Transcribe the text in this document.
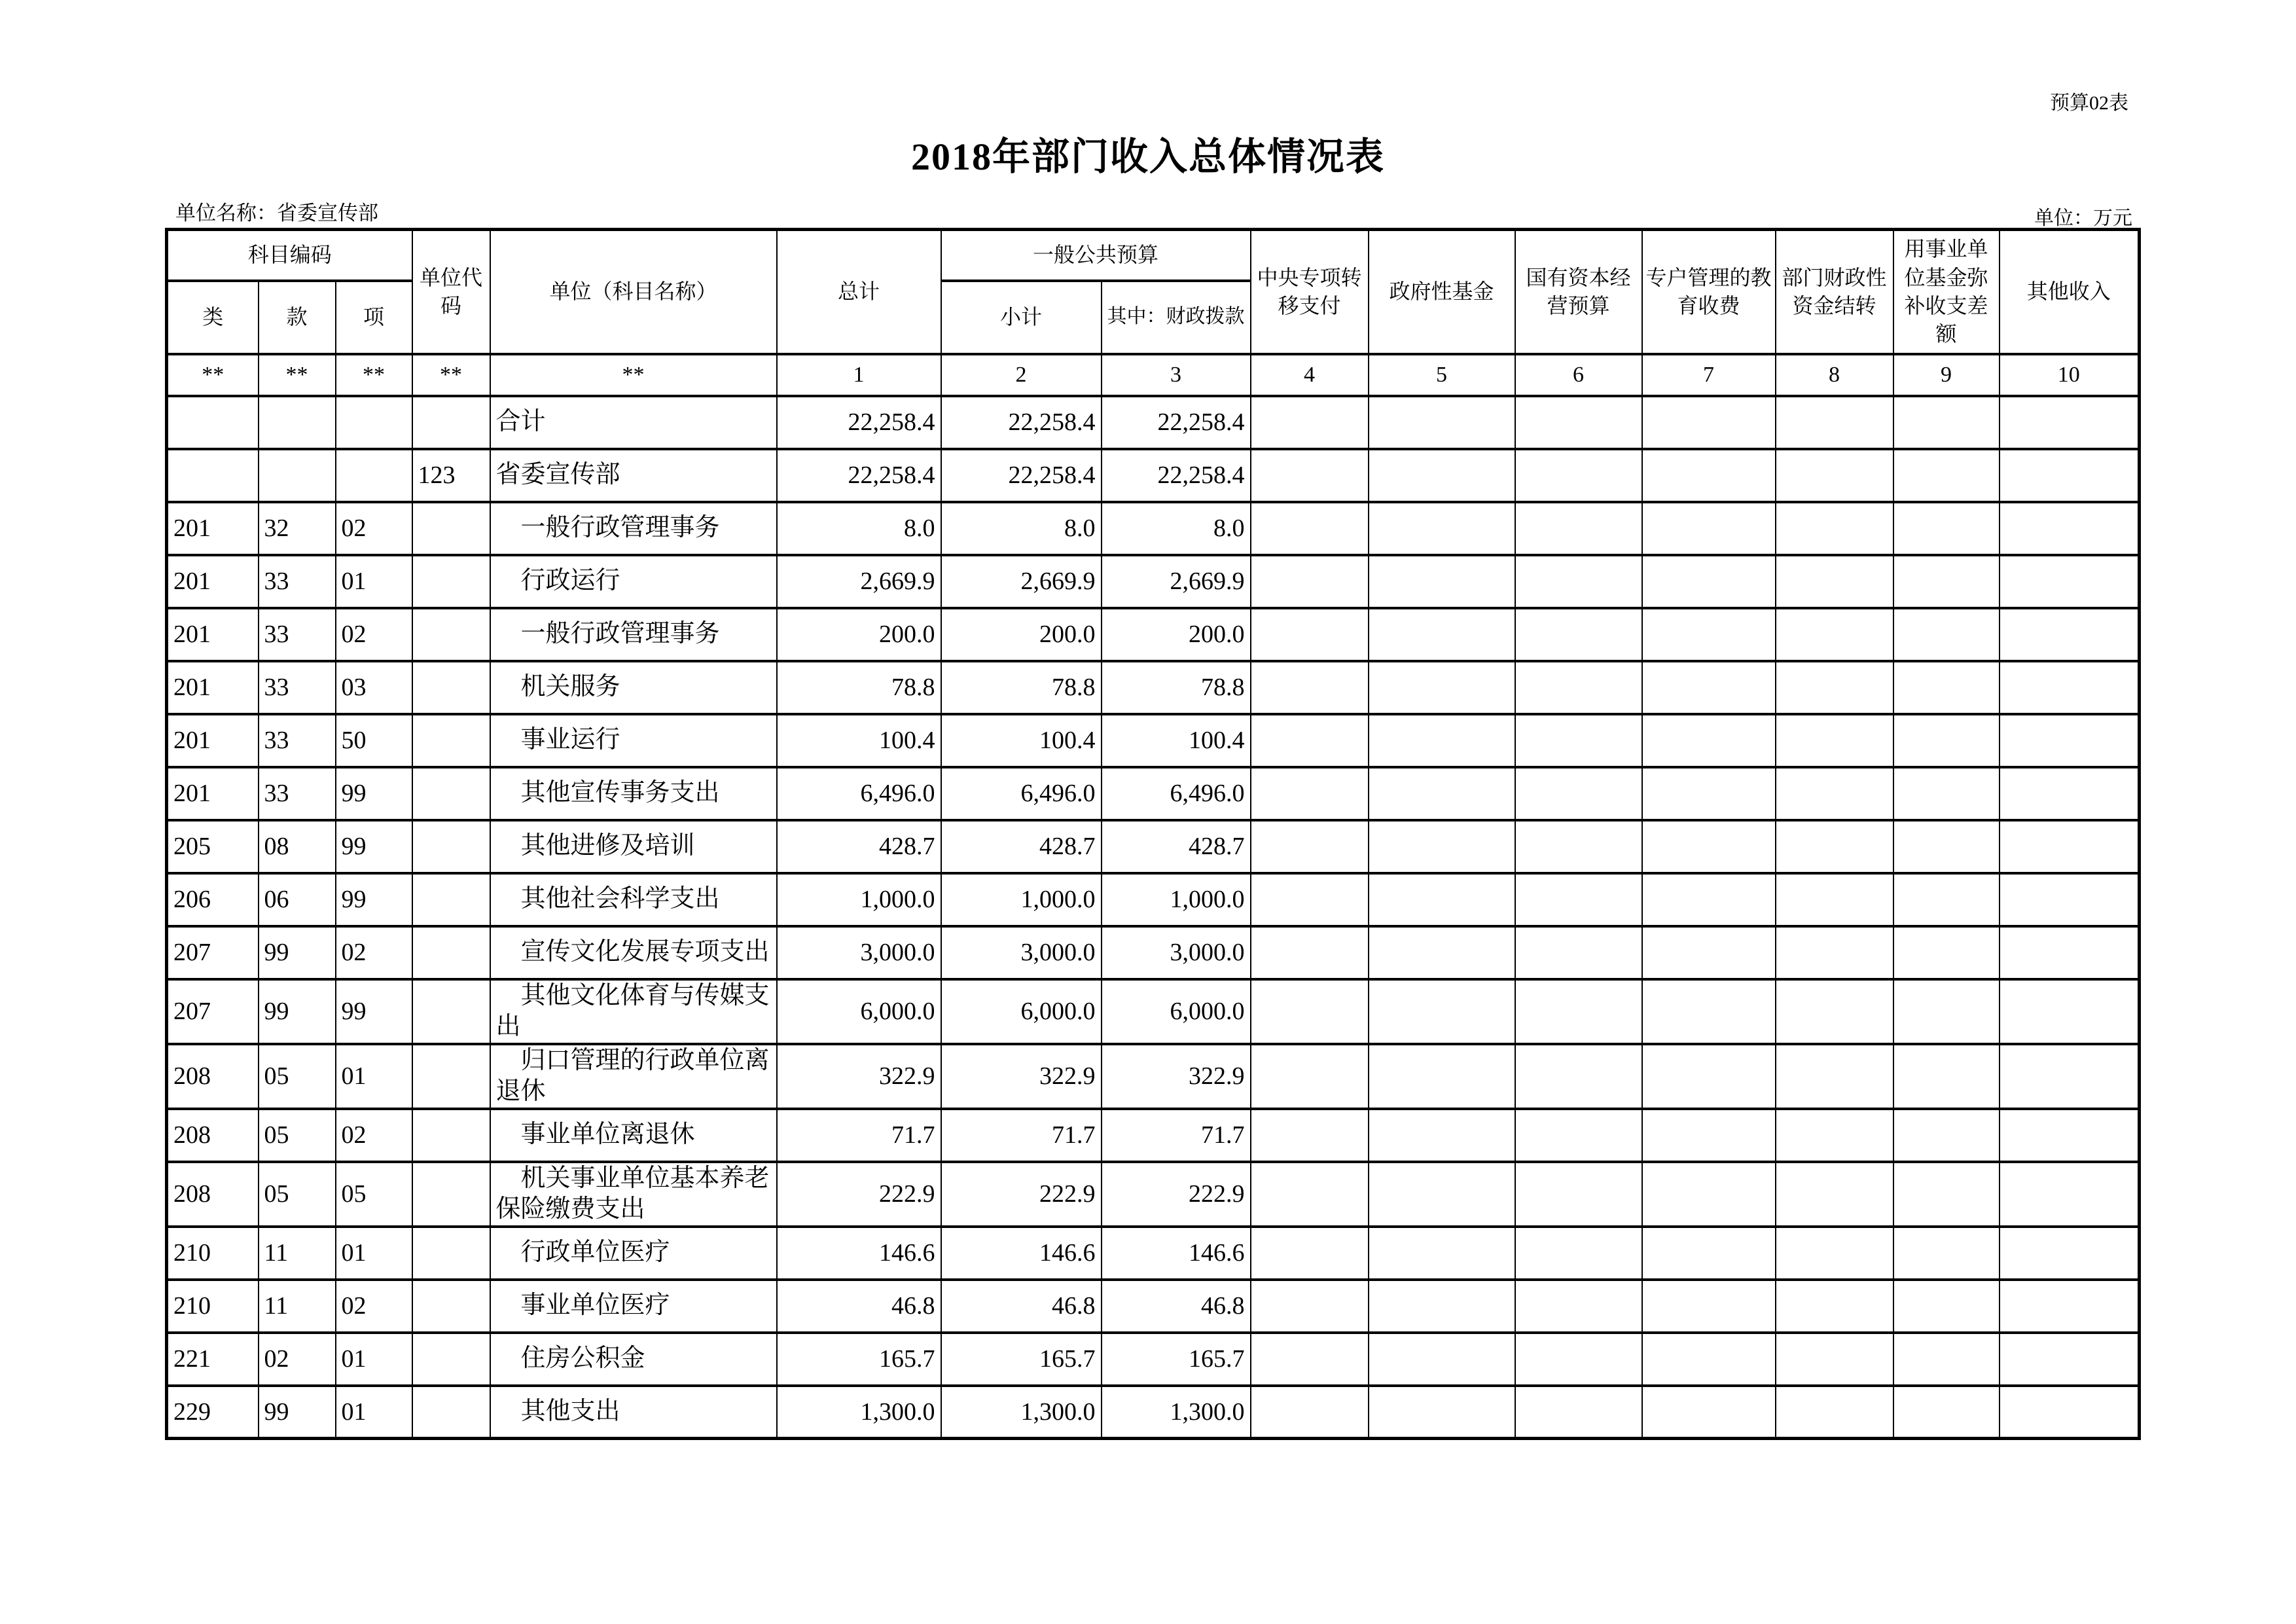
预算02表
2018年部门收入总体情况表
单位名称：省委宣传部	单位：万元
科目编码			单位代码	单位（科目名称）	总计	一般公共预算		中央专项转移支付	政府性基金	国有资本经营预算	专户管理的教育收费	部门财政性资金结转	用事业单位基金弥补收支差额	其他收入
类	款	项				小计	其中：财政拨款							
**	**	**	**	**	1	2	3	4	5	6	7	8	9	10
				合计	22,258.4	22,258.4	22,258.4							
			123	省委宣传部	22,258.4	22,258.4	22,258.4							
201	32	02		一般行政管理事务	8.0	8.0	8.0							
201	33	01		行政运行	2,669.9	2,669.9	2,669.9							
201	33	02		一般行政管理事务	200.0	200.0	200.0							
201	33	03		机关服务	78.8	78.8	78.8							
201	33	50		事业运行	100.4	100.4	100.4							
201	33	99		其他宣传事务支出	6,496.0	6,496.0	6,496.0							
205	08	99		其他进修及培训	428.7	428.7	428.7							
206	06	99		其他社会科学支出	1,000.0	1,000.0	1,000.0							
207	99	02		宣传文化发展专项支出	3,000.0	3,000.0	3,000.0							
207	99	99		其他文化体育与传媒支出	6,000.0	6,000.0	6,000.0							
208	05	01		归口管理的行政单位离退休	322.9	322.9	322.9							
208	05	02		事业单位离退休	71.7	71.7	71.7							
208	05	05		机关事业单位基本养老保险缴费支出	222.9	222.9	222.9							
210	11	01		行政单位医疗	146.6	146.6	146.6							
210	11	02		事业单位医疗	46.8	46.8	46.8							
221	02	01		住房公积金	165.7	165.7	165.7							
229	99	01		其他支出	1,300.0	1,300.0	1,300.0							
